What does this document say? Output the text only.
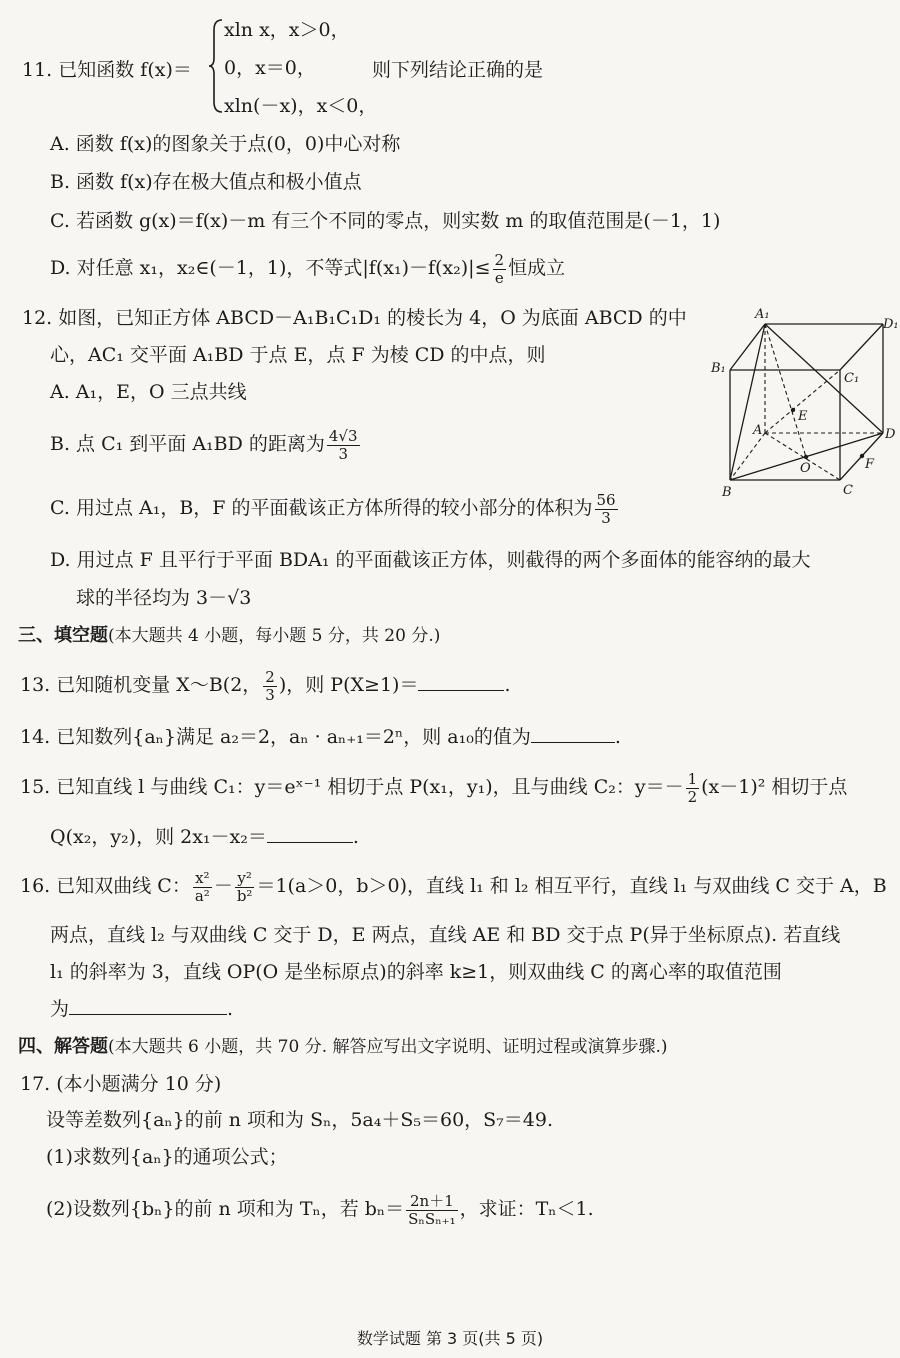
11. 已知函数 f(x)＝
xln x，x＞0，
0，x＝0，
xln(－x)，x＜0，
则下列结论正确的是
A. 函数 f(x)的图象关于点(0，0)中心对称
B. 函数 f(x)存在极大值点和极小值点
C. 若函数 g(x)＝f(x)－m 有三个不同的零点，则实数 m 的取值范围是(－1，1)
D. 对任意 x₁，x₂∈(－1，1)，不等式$|f(x_1)-f(x_2)|\le \frac{2}{e}$ 恒成立
12. 如图，已知正方体 ABCD－A₁B₁C₁D₁ 的棱长为 4，O 为底面 ABCD 的中
心，AC₁ 交平面 A₁BD 于点 E，点 F 为棱 CD 的中点，则
A. A₁，E，O 三点共线
B. 点 C₁ 到平面 A₁BD 的距离为 $\frac{4√3}{3}$
C. 用过点 A₁，B，F 的平面截该正方体所得的较小部分的体积为 $\frac{56}{3}$
D. 用过点 F 且平行于平面 BDA₁ 的平面截该正方体，则截得的两个多面体的能容纳的最大
球的半径均为 3－√3
A₁
D₁
B₁
C₁
A	D
E
O	F
B	C
三、填空题(本大题共 4 小题，每小题 5 分，共 20 分.)
13. 已知随机变量 X～B(2， $\frac{2}{3}$ )，则 P(X≥1)＝	.
14. 已知数列{aₙ}满足 a₂＝2，aₙ · aₙ₊₁＝2ⁿ，则 a₁₀的值为	.
15. 已知直线 l 与曲线 C₁：y＝eˣ⁻¹ 相切于点 P(x₁，y₁)，且与曲线 C₂：$y=- \frac{1}{2} (x-1)^2$ 相切于点
Q(x₂，y₂)，则 2x₁－x₂＝	.
16. 已知双曲线 C： $\frac{\text{x²}}{\text{a²}} - \frac{\text{y²}}{\text{b²}} =1(a>0$，b＞0)，直线 l₁ 和 l₂ 相互平行，直线 l₁ 与双曲线 C 交于 A，B
两点，直线 l₂ 与双曲线 C 交于 D，E 两点，直线 AE 和 BD 交于点 P(异于坐标原点). 若直线
l₁ 的斜率为 3，直线 OP(O 是坐标原点)的斜率 k≥1，则双曲线 C 的离心率的取值范围
为	.
四、解答题(本大题共 6 小题，共 70 分. 解答应写出文字说明、证明过程或演算步骤.)
17. (本小题满分 10 分)
设等差数列{aₙ}的前 n 项和为 Sₙ，5a₄＋S₅＝60，S₇＝49.
(1)求数列{aₙ}的通项公式；
(2)设数列{bₙ}的前 n 项和为 Tₙ，若 $b_n= \frac{2n+1}{\text{SₙSₙ₊₁}}$ ，求证：Tₙ＜1.
数学试题 第 3 页(共 5 页)
